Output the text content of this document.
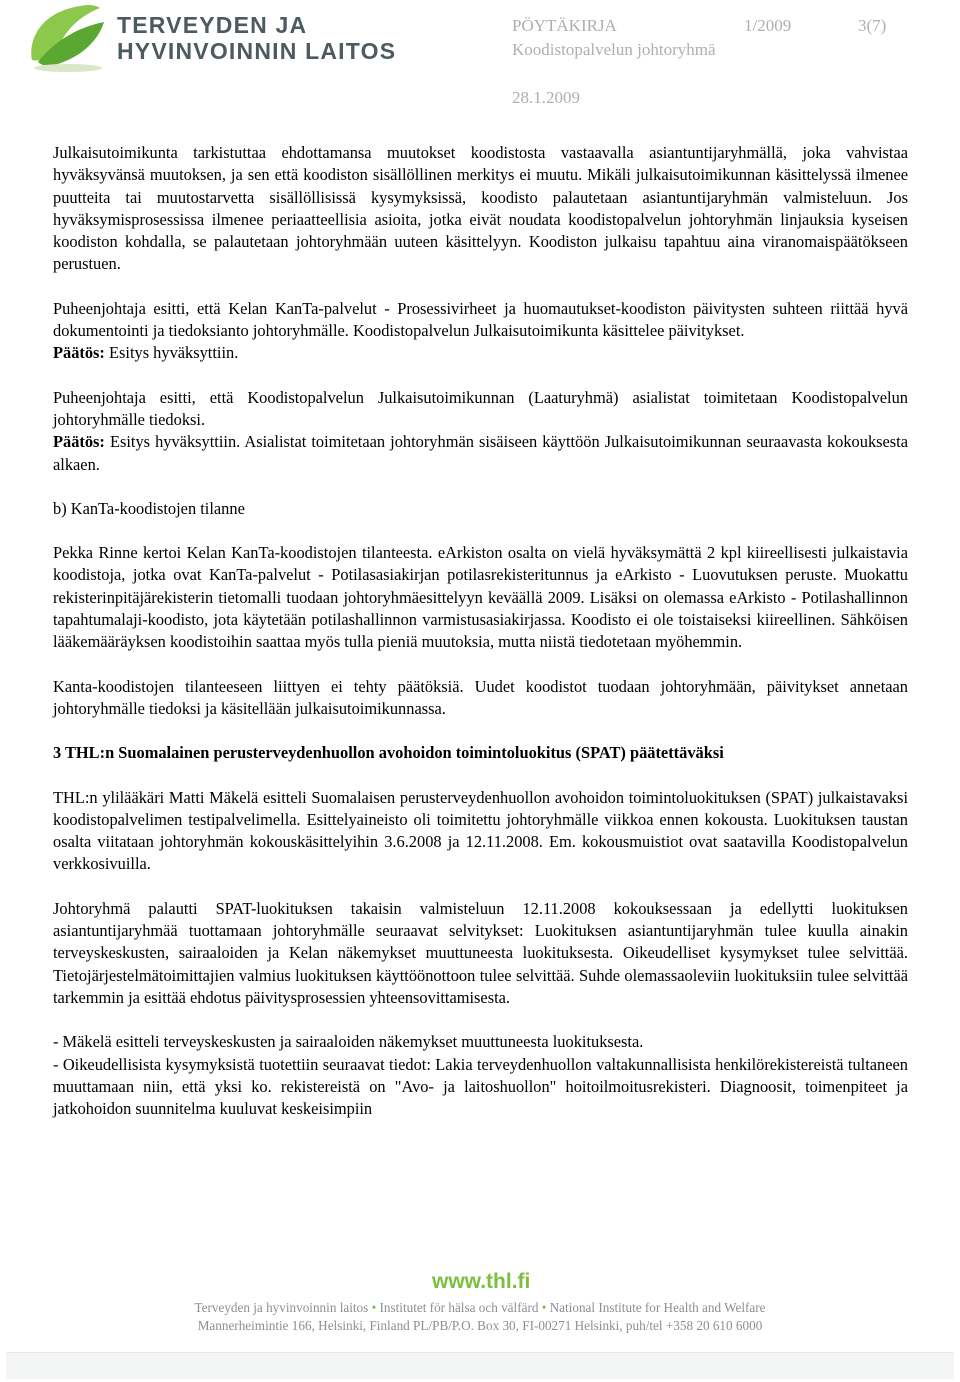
TERVEYDEN JA
HYVINVOINNIN LAITOS
PÖYTÄKIRJA	1/2009	3(7)
Koodistopalvelun johtoryhmä
28.1.2009

Julkaisutoimikunta tarkistuttaa ehdottamansa muutokset koodistosta vastaavalla asiantuntijaryhmällä, joka vahvistaa hyväksyvänsä muutoksen, ja sen että koodiston sisällöllinen merkitys ei muutu. Mikäli julkaisutoimikunnan käsittelyssä ilmenee puutteita tai muutostarvetta sisällöllisissä kysymyksissä, koodisto palautetaan asiantuntijaryhmän valmisteluun. Jos hyväksymisprosessissa ilmenee periaatteellisia asioita, jotka eivät noudata koodistopalvelun johtoryhmän linjauksia kyseisen koodiston kohdalla, se palautetaan johtoryhmään uuteen käsittelyyn. Koodiston julkaisu tapahtuu aina viranomaispäätökseen perustuen.

Puheenjohtaja esitti, että Kelan KanTa-palvelut - Prosessivirheet ja huomautukset-koodiston päivitysten suhteen riittää hyvä dokumentointi ja tiedoksianto johtoryhmälle. Koodistopalvelun Julkaisutoimikunta käsittelee päivitykset.

Päätös: Esitys hyväksyttiin.

Puheenjohtaja esitti, että Koodistopalvelun Julkaisutoimikunnan (Laaturyhmä) asialistat toimitetaan Koodistopalvelun johtoryhmälle tiedoksi.

Päätös: Esitys hyväksyttiin. Asialistat toimitetaan johtoryhmän sisäiseen käyttöön Julkaisutoimikunnan seuraavasta kokouksesta alkaen.

b) KanTa-koodistojen tilanne

Pekka Rinne kertoi Kelan KanTa-koodistojen tilanteesta. eArkiston osalta on vielä hyväksymättä 2 kpl kiireellisesti julkaistavia koodistoja, jotka ovat KanTa-palvelut - Potilasasiakirjan potilasrekisteritunnus ja eArkisto - Luovutuksen peruste. Muokattu rekisterinpitäjärekisterin tietomalli tuodaan johtoryhmäesittelyyn keväällä 2009. Lisäksi on olemassa eArkisto - Potilashallinnon tapahtumalaji-koodisto, jota käytetään potilashallinnon varmistusasiakirjassa. Koodisto ei ole toistaiseksi kiireellinen. Sähköisen lääkemääräyksen koodistoihin saattaa myös tulla pieniä muutoksia, mutta niistä tiedotetaan myöhemmin.

Kanta-koodistojen tilanteeseen liittyen ei tehty päätöksiä. Uudet koodistot tuodaan johtoryhmään, päivitykset annetaan johtoryhmälle tiedoksi ja käsitellään julkaisutoimikunnassa.

3 THL:n Suomalainen perusterveydenhuollon avohoidon toimintoluokitus (SPAT) päätettäväksi

THL:n ylilääkäri Matti Mäkelä esitteli Suomalaisen perusterveydenhuollon avohoidon toimintoluokituksen (SPAT) julkaistavaksi koodistopalvelimen testipalvelimella. Esittelyaineisto oli toimitettu johtoryhmälle viikkoa ennen kokousta. Luokituksen taustan osalta viitataan johtoryhmän kokouskäsittelyihin 3.6.2008 ja 12.11.2008. Em. kokousmuistiot ovat saatavilla Koodistopalvelun verkkosivuilla.

Johtoryhmä palautti SPAT-luokituksen takaisin valmisteluun 12.11.2008 kokouksessaan ja edellytti luokituksen asiantuntijaryhmää tuottamaan johtoryhmälle seuraavat selvitykset: Luokituksen asiantuntijaryhmän tulee kuulla ainakin terveyskeskusten, sairaaloiden ja Kelan näkemykset muuttuneesta luokituksesta. Oikeudelliset kysymykset tulee selvittää. Tietojärjestelmätoimittajien valmius luokituksen käyttöönottoon tulee selvittää. Suhde olemassaoleviin luokituksiin tulee selvittää tarkemmin ja esittää ehdotus päivitysprosessien yhteensovittamisesta.

- Mäkelä esitteli terveyskeskusten ja sairaaloiden näkemykset muuttuneesta luokituksesta.

- Oikeudellisista kysymyksistä tuotettiin seuraavat tiedot: Lakia terveydenhuollon valtakunnallisista henkilörekistereistä tultaneen muuttamaan niin, että yksi ko. rekistereistä on "Avo- ja laitoshuollon" hoitoilmoitusrekisteri. Diagnoosit, toimenpiteet ja jatkohoidon suunnitelma kuuluvat keskeisimpiin

www.thl.fi
Terveyden ja hyvinvoinnin laitos • Institutet för hälsa och välfärd • National Institute for Health and Welfare
Mannerheimintie 166, Helsinki, Finland PL/PB/P.O. Box 30, FI-00271 Helsinki, puh/tel +358 20 610 6000
